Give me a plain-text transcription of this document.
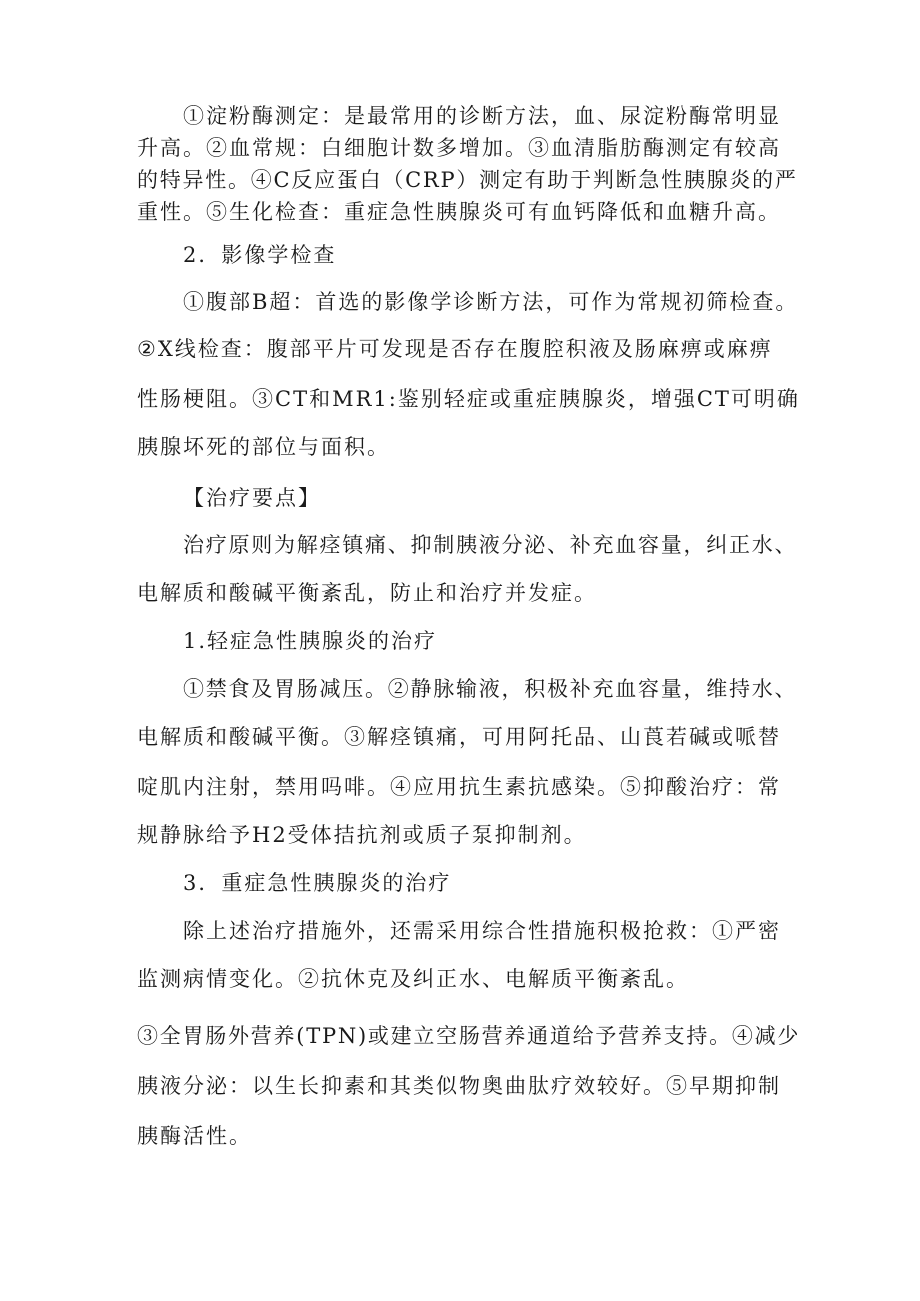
①淀粉酶测定：是最常用的诊断方法，血、尿淀粉酶常明显
升高。②血常规：白细胞计数多增加。③血清脂肪酶测定有较高
的特异性。④C反应蛋白（CRP）测定有助于判断急性胰腺炎的严
重性。⑤生化检查：重症急性胰腺炎可有血钙降低和血糖升高。
2．影像学检查
①腹部B超：首选的影像学诊断方法，可作为常规初筛检查。
②X线检查：腹部平片可发现是否存在腹腔积液及肠麻痹或麻痹
性肠梗阻。③CT和MR1:鉴别轻症或重症胰腺炎，增强CT可明确
胰腺坏死的部位与面积。
【治疗要点】
治疗原则为解痉镇痛、抑制胰液分泌、补充血容量，纠正水、
电解质和酸碱平衡紊乱，防止和治疗并发症。
1.轻症急性胰腺炎的治疗
①禁食及胃肠减压。②静脉输液，积极补充血容量，维持水、
电解质和酸碱平衡。③解痉镇痛，可用阿托品、山莨若碱或哌替
啶肌内注射，禁用吗啡。④应用抗生素抗感染。⑤抑酸治疗：常
规静脉给予H2受体拮抗剂或质子泵抑制剂。
3．重症急性胰腺炎的治疗
除上述治疗措施外，还需采用综合性措施积极抢救：①严密
监测病情变化。②抗休克及纠正水、电解质平衡紊乱。
③全胃肠外营养(TPN)或建立空肠营养通道给予营养支持。④减少
胰液分泌：以生长抑素和其类似物奥曲肽疗效较好。⑤早期抑制
胰酶活性。
